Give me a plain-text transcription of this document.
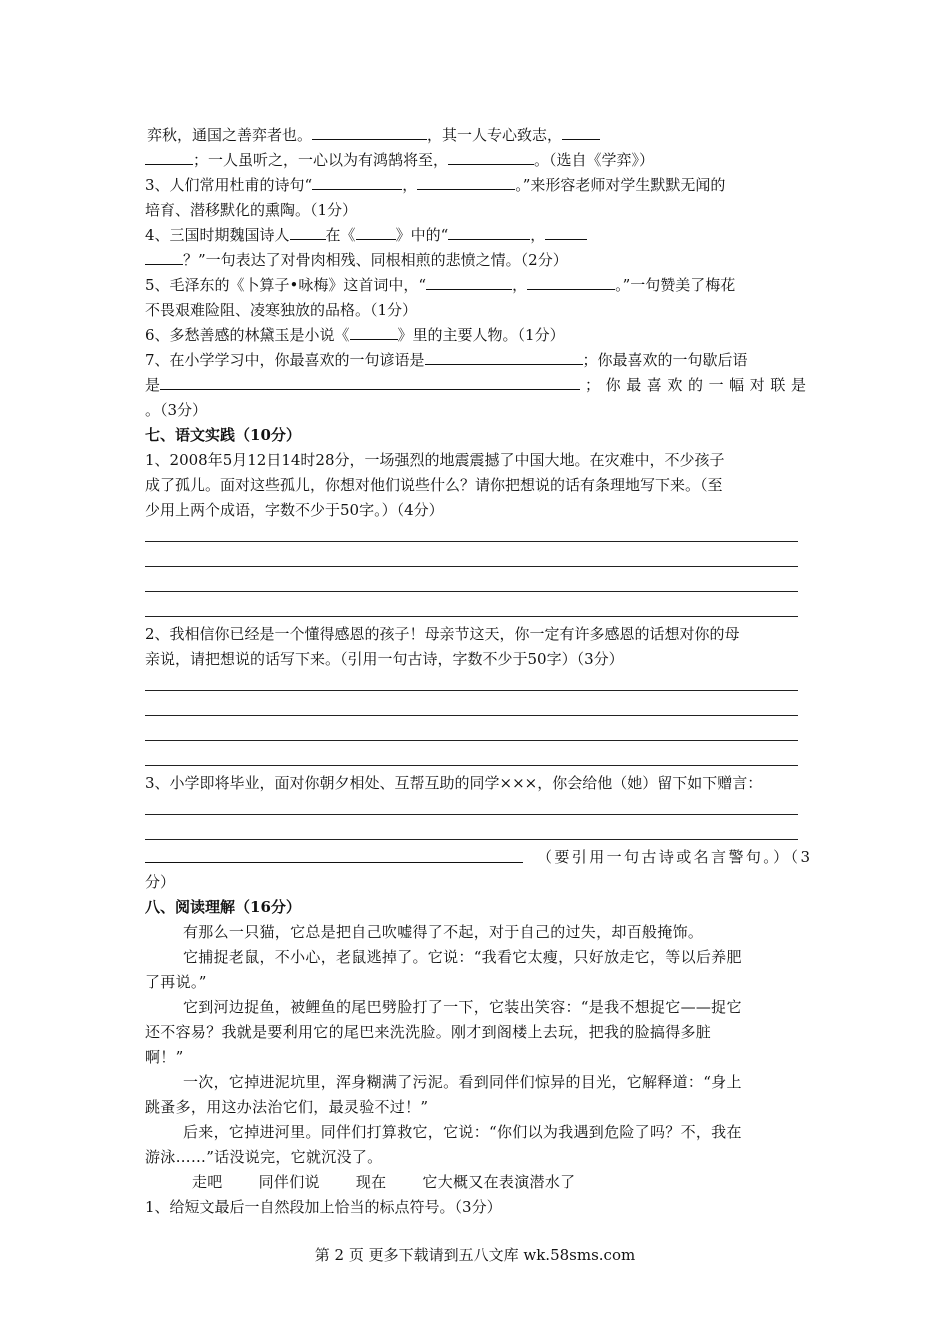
弈秋，通国之善弈者也。	，其一人专心致志，
；一人虽听之，一心以为有鸿鹄将至，	。（选自《学弈》）
3、人们常用杜甫的诗句“	，	。”来形容老师对学生默默无闻的
培育、潜移默化的熏陶。（1分）
4、三国时期魏国诗人 在《	》中的“	，
？”一句表达了对骨肉相残、同根相煎的悲愤之情。（2分）
5、毛泽东的《卜算子•咏梅》这首词中，“	，	。”一句赞美了梅花
不畏艰难险阻、凌寒独放的品格。（1分）
6、多愁善感的林黛玉是小说《	》里的主要人物。（1分）
7、在小学学习中，你最喜欢的一句谚语是	；你最喜欢的一句歇后语
是	； 你 最 喜 欢 的 一 幅 对 联 是
。（3分）
七、语文实践（10分）
1、2008年5月12日14时28分，一场强烈的地震震撼了中国大地。在灾难中，不少孩子
成了孤儿。面对这些孤儿，你想对他们说些什么？请你把想说的话有条理地写下来。（至
少用上两个成语，字数不少于50字。）（4分）
2、我相信你已经是一个懂得感恩的孩子！母亲节这天，你一定有许多感恩的话想对你的母
亲说，请把想说的话写下来。（引用一句古诗，字数不少于50字）（3分）
3、小学即将毕业，面对你朝夕相处、互帮互助的同学×××，你会给他（她）留下如下赠言：
（要引用一句古诗或名言警句。）（3
分）
八、阅读理解（16分）
有那么一只猫，它总是把自己吹嘘得了不起，对于自己的过失，却百般掩饰。
它捕捉老鼠，不小心，老鼠逃掉了。它说：“我看它太瘦，只好放走它，等以后养肥
了再说。”
它到河边捉鱼，被鲤鱼的尾巴劈脸打了一下，它装出笑容：“是我不想捉它——捉它
还不容易？我就是要利用它的尾巴来洗洗脸。刚才到阁楼上去玩，把我的脸搞得多脏
啊！”
一次，它掉进泥坑里，浑身糊满了污泥。看到同伴们惊异的目光，它解释道：“身上
跳蚤多，用这办法治它们，最灵验不过！”
后来，它掉进河里。同伴们打算救它，它说：“你们以为我遇到危险了吗？不，我在
游泳……”话没说完，它就沉没了。
走吧 同伴们说 现在 它大概又在表演潜水了
1、给短文最后一自然段加上恰当的标点符号。（3分）
第 2 页 更多下载请到五八文库 wk.58sms.com
